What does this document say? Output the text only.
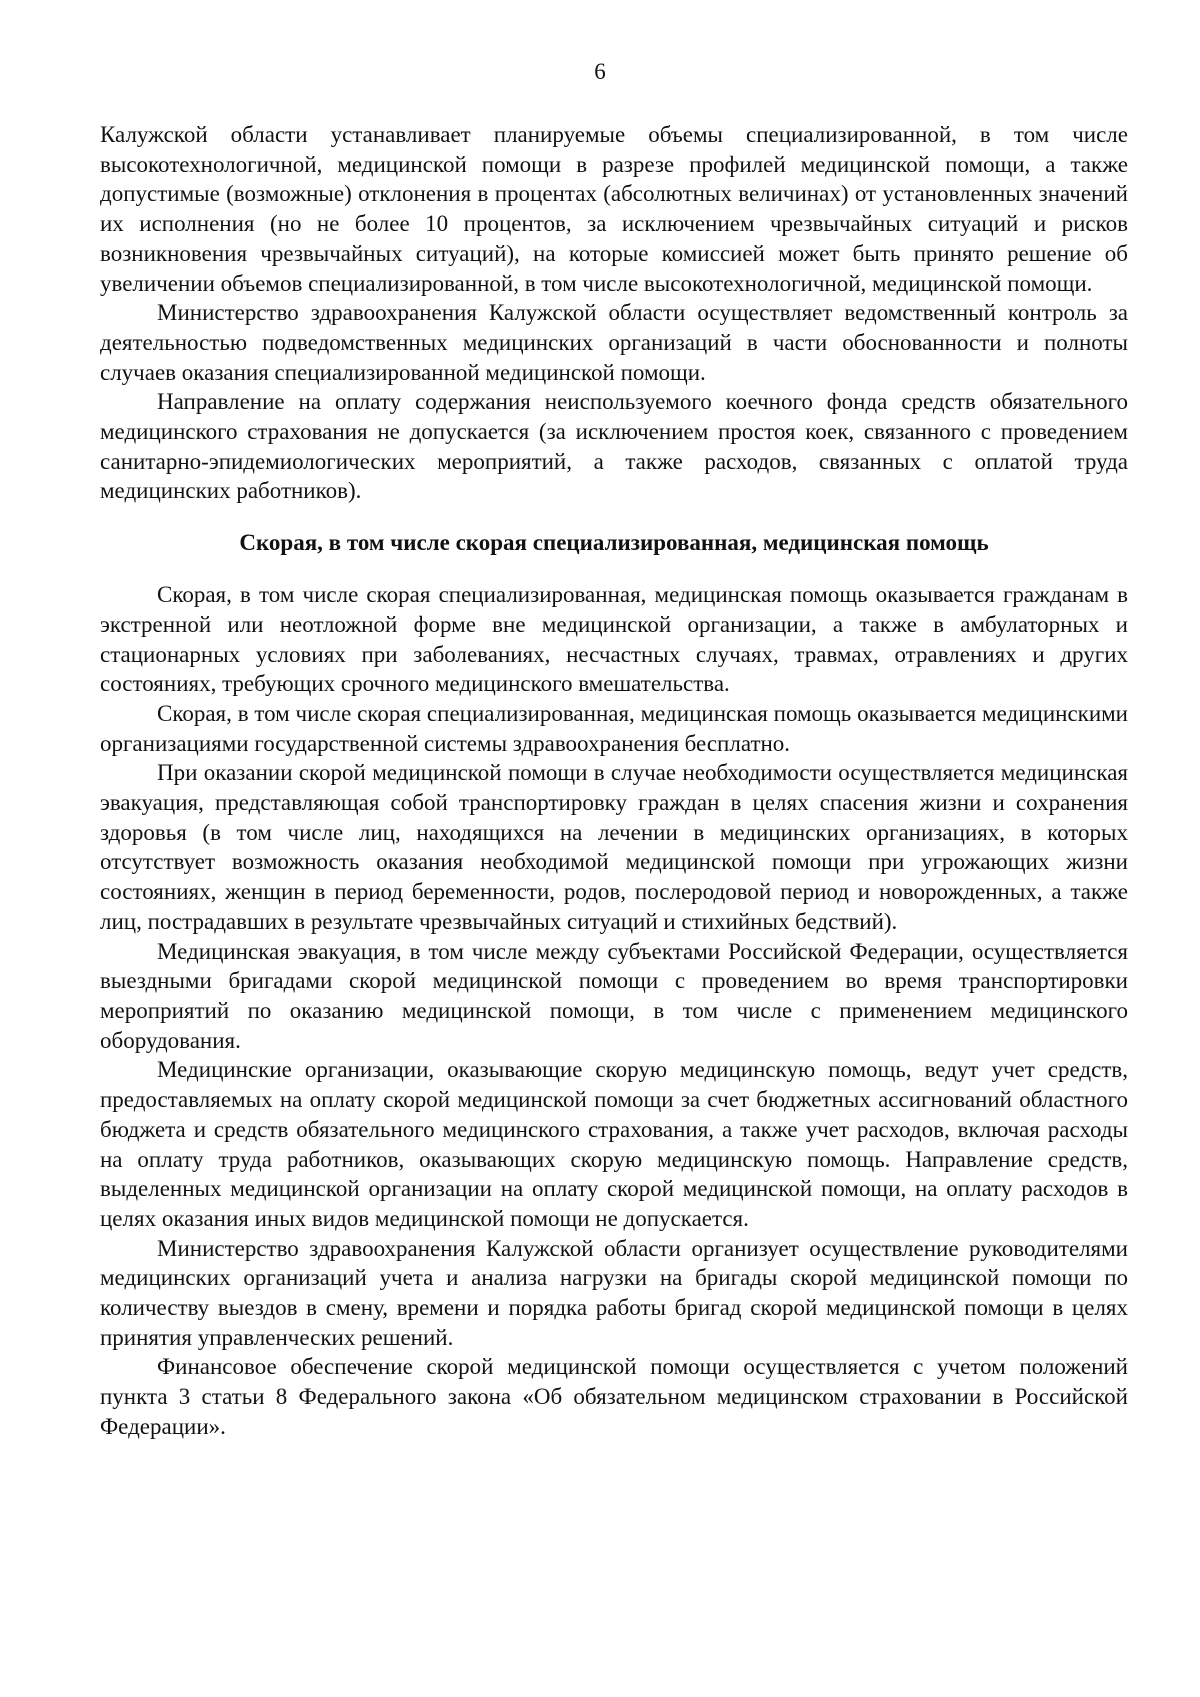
6

Калужской области устанавливает планируемые объемы специализированной, в том числе высокотехнологичной, медицинской помощи в разрезе профилей медицинской помощи, а также допустимые (возможные) отклонения в процентах (абсолютных величинах) от установленных значений их исполнения (но не более 10 процентов, за исключением чрезвычайных ситуаций и рисков возникновения чрезвычайных ситуаций), на которые комиссией может быть принято решение об увеличении объемов специализированной, в том числе высокотехнологичной, медицинской помощи.

Министерство здравоохранения Калужской области осуществляет ведомственный контроль за деятельностью подведомственных медицинских организаций в части обоснованности и полноты случаев оказания специализированной медицинской помощи.

Направление на оплату содержания неиспользуемого коечного фонда средств обязательного медицинского страхования не допускается (за исключением простоя коек, связанного с проведением санитарно-эпидемиологических мероприятий, а также расходов, связанных с оплатой труда медицинских работников).

Скорая, в том числе скорая специализированная, медицинская помощь

Скорая, в том числе скорая специализированная, медицинская помощь оказывается гражданам в экстренной или неотложной форме вне медицинской организации, а также в амбулаторных и стационарных условиях при заболеваниях, несчастных случаях, травмах, отравлениях и других состояниях, требующих срочного медицинского вмешательства.

Скорая, в том числе скорая специализированная, медицинская помощь оказывается медицинскими организациями государственной системы здравоохранения бесплатно.

При оказании скорой медицинской помощи в случае необходимости осуществляется медицинская эвакуация, представляющая собой транспортировку граждан в целях спасения жизни и сохранения здоровья (в том числе лиц, находящихся на лечении в медицинских организациях, в которых отсутствует возможность оказания необходимой медицинской помощи при угрожающих жизни состояниях, женщин в период беременности, родов, послеродовой период и новорожденных, а также лиц, пострадавших в результате чрезвычайных ситуаций и стихийных бедствий).

Медицинская эвакуация, в том числе между субъектами Российской Федерации, осуществляется выездными бригадами скорой медицинской помощи с проведением во время транспортировки мероприятий по оказанию медицинской помощи, в том числе с применением медицинского оборудования.

Медицинские организации, оказывающие скорую медицинскую помощь, ведут учет средств, предоставляемых на оплату скорой медицинской помощи за счет бюджетных ассигнований областного бюджета и средств обязательного медицинского страхования, а также учет расходов, включая расходы на оплату труда работников, оказывающих скорую медицинскую помощь. Направление средств, выделенных медицинской организации на оплату скорой медицинской помощи, на оплату расходов в целях оказания иных видов медицинской помощи не допускается.

Министерство здравоохранения Калужской области организует осуществление руководителями медицинских организаций учета и анализа нагрузки на бригады скорой медицинской помощи по количеству выездов в смену, времени и порядка работы бригад скорой медицинской помощи в целях принятия управленческих решений.

Финансовое обеспечение скорой медицинской помощи осуществляется с учетом положений пункта 3 статьи 8 Федерального закона «Об обязательном медицинском страховании в Российской Федерации».
